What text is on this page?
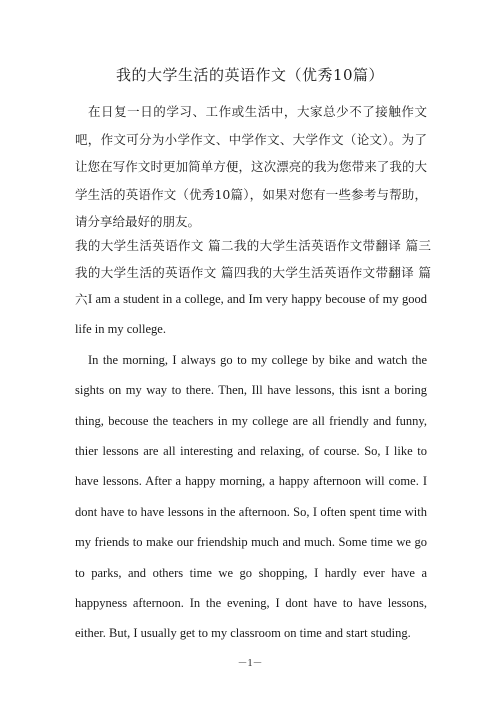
我的大学生活的英语作文（优秀10篇）
在日复一日的学习、工作或生活中，大家总少不了接触作文吧，作文可分为小学作文、中学作文、大学作文（论文）。为了让您在写作文时更加简单方便，这次漂亮的我为您带来了我的大学生活的英语作文（优秀10篇），如果对您有一些参考与帮助，请分享给最好的朋友。
我的大学生活英语作文 篇二我的大学生活英语作文带翻译 篇三我的大学生活的英语作文 篇四我的大学生活英语作文带翻译 篇六 I am a student in a college, and Im very happy becouse of my good life in my college.

In the morning, I always go to my college by bike and watch the sights on my way to there. Then, Ill have lessons, this isnt a boring thing, becouse the teachers in my college are all friendly and funny, thier lessons are all interesting and relaxing, of course. So, I like to have lessons. After a happy morning, a happy afternoon will come. I dont have to have lessons in the afternoon. So, I often spent time with my friends to make our friendship much and much. Some time we go to parks, and others time we go shopping, I hardly ever have a happyness afternoon. In the evening, I dont have to have lessons, either. But, I usually get to my classroom on time and start studing.

－1－
